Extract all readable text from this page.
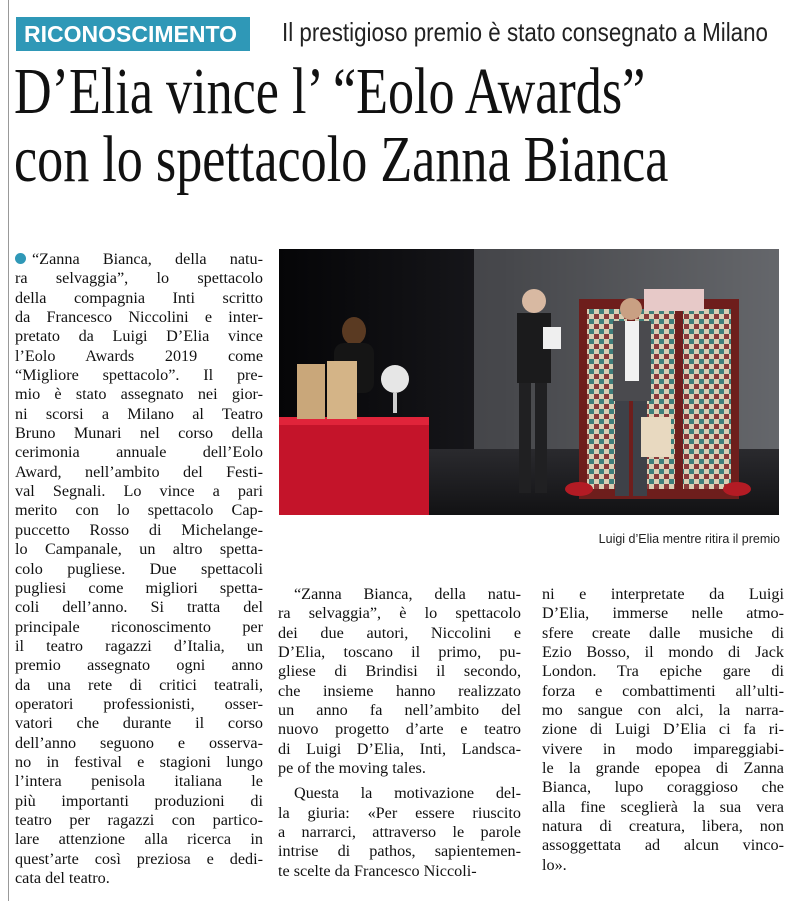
RICONOSCIMENTO	Il prestigioso premio è stato consegnato a Milano
D’Elia vince l’ “Eolo Awards”
con lo spettacolo Zanna Bianca
“Zanna Bianca, della natu-
ra selvaggia”, lo spettacolo
della compagnia Inti scritto
da Francesco Niccolini e inter-
pretato da Luigi D’Elia vince
l’Eolo Awards 2019 come
“Migliore spettacolo”. Il pre-
mio è stato assegnato nei gior-
ni scorsi a Milano al Teatro
Bruno Munari nel corso della
cerimonia annuale dell’Eolo
Award, nell’ambito del Festi-
val Segnali. Lo vince a pari
merito con lo spettacolo Cap-
puccetto Rosso di Michelange-
lo Campanale, un altro spetta-
colo pugliese. Due spettacoli
pugliesi come migliori spetta-
coli dell’anno. Si tratta del
principale riconoscimento per
il teatro ragazzi d’Italia, un
premio assegnato ogni anno
da una rete di critici teatrali,
operatori professionisti, osser-
vatori che durante il corso
dell’anno seguono e osserva-
no in festival e stagioni lungo
l’intera penisola italiana le
più importanti produzioni di
teatro per ragazzi con partico-
lare attenzione alla ricerca in
quest’arte così preziosa e dedi-
cata del teatro.
Luigi d’Elia mentre ritira il premio
“Zanna Bianca, della natu-
ra selvaggia”, è lo spettacolo
dei due autori, Niccolini e
D’Elia, toscano il primo, pu-
gliese di Brindisi il secondo,
che insieme hanno realizzato
un anno fa nell’ambito del
nuovo progetto d’arte e teatro
di Luigi D’Elia, Inti, Landsca-
pe of the moving tales.
Questa la motivazione del-
la giuria: «Per essere riuscito
a narrarci, attraverso le parole
intrise di pathos, sapientemen-
te scelte da Francesco Niccoli-
ni e interpretate da Luigi
D’Elia, immerse nelle atmo-
sfere create dalle musiche di
Ezio Bosso, il mondo di Jack
London. Tra epiche gare di
forza e combattimenti all’ulti-
mo sangue con alci, la narra-
zione di Luigi D’Elia ci fa ri-
vivere in modo impareggiabi-
le la grande epopea di Zanna
Bianca, lupo coraggioso che
alla fine sceglierà la sua vera
natura di creatura, libera, non
assoggettata ad alcun vinco-
lo».
